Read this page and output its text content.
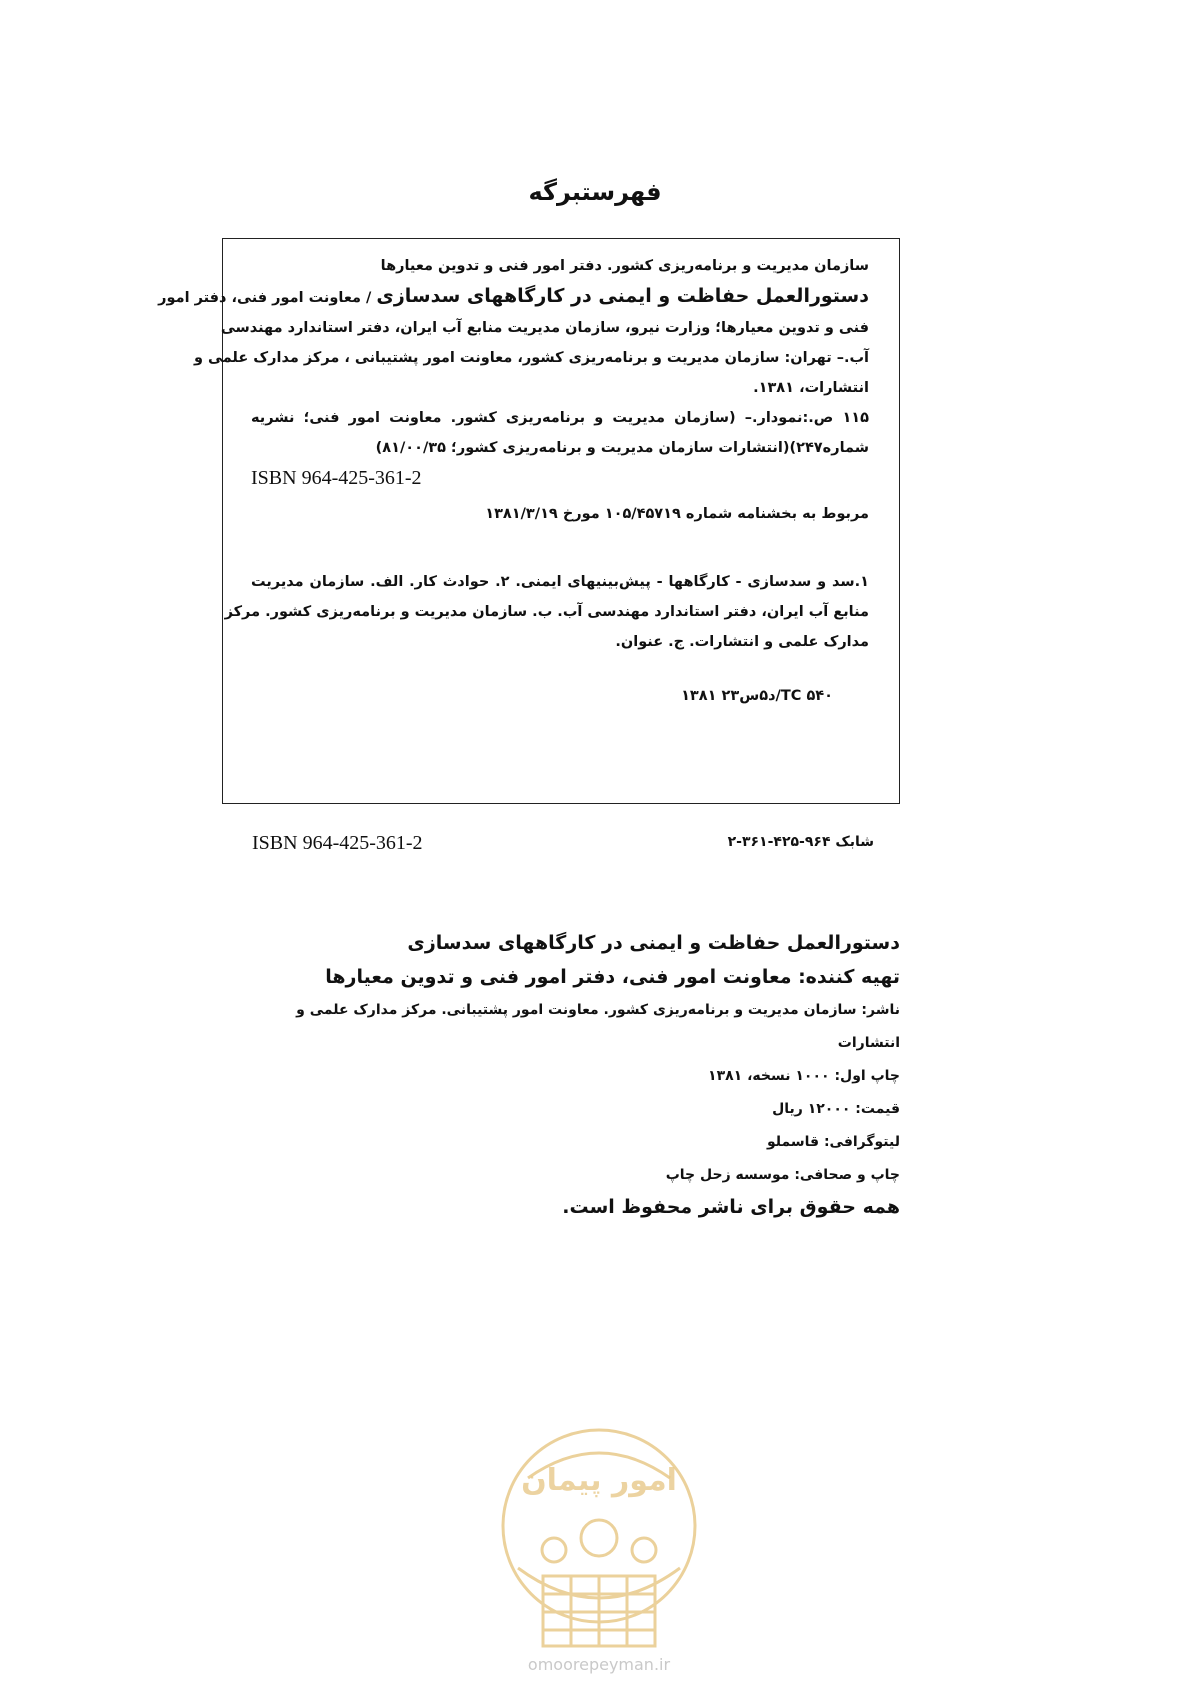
فهرستبرگه
سازمان مدیریت و برنامه‌ریزی کشور. دفتر امور فنی و تدوین معیارها
دستورالعمل حفاظت و ایمنی در کارگاههای سدسازی / معاونت امور فنی، دفتر امور
فنی و تدوین معیارها؛ وزارت نیرو، سازمان مدیریت منابع آب ایران، دفتر استاندارد مهندسی
آب.– تهران: سازمان مدیریت و برنامه‌ریزی کشور، معاونت امور پشتیبانی ، مرکز مدارک علمی و
انتشارات، ۱۳۸۱.
۱۱۵ ص.:نمودار.– (سازمان مدیریت و برنامه‌ریزی کشور. معاونت امور فنی؛ نشریه
شماره۲۴۷)(انتشارات سازمان مدیریت و برنامه‌ریزی کشور؛ ۸۱/۰۰/۳۵)
ISBN 964-425-361-2
مربوط به بخشنامه شماره ۱۰۵/۴۵۷۱۹ مورخ ۱۳۸۱/۳/۱۹
۱.سد و سدسازی - کارگاهها - پیش‌بینیهای ایمنی. ۲. حوادث کار. الف. سازمان مدیریت
منابع آب ایران، دفتر استاندارد مهندسی آب. ب. سازمان مدیریت و برنامه‌ریزی کشور. مرکز
مدارک علمی و انتشارات. ج. عنوان.
TC ۵۴۰/د۵س۲۳ ۱۳۸۱
ISBN 964-425-361-2	شابک ۹۶۴-۴۲۵-۳۶۱-۲
دستورالعمل حفاظت و ایمنی در کارگاههای سدسازی
تهیه کننده: معاونت امور فنی، دفتر امور فنی و تدوین معیارها
ناشر: سازمان مدیریت و برنامه‌ریزی کشور. معاونت امور پشتیبانی. مرکز مدارک علمی و انتشارات
چاپ اول: ۱۰۰۰ نسخه، ۱۳۸۱
قیمت: ۱۲۰۰۰ ریال
لیتوگرافی: قاسملو
چاپ و صحافی: موسسه زحل چاپ
همه حقوق برای ناشر محفوظ است.
امور پیمان
omoorepeyman.ir
